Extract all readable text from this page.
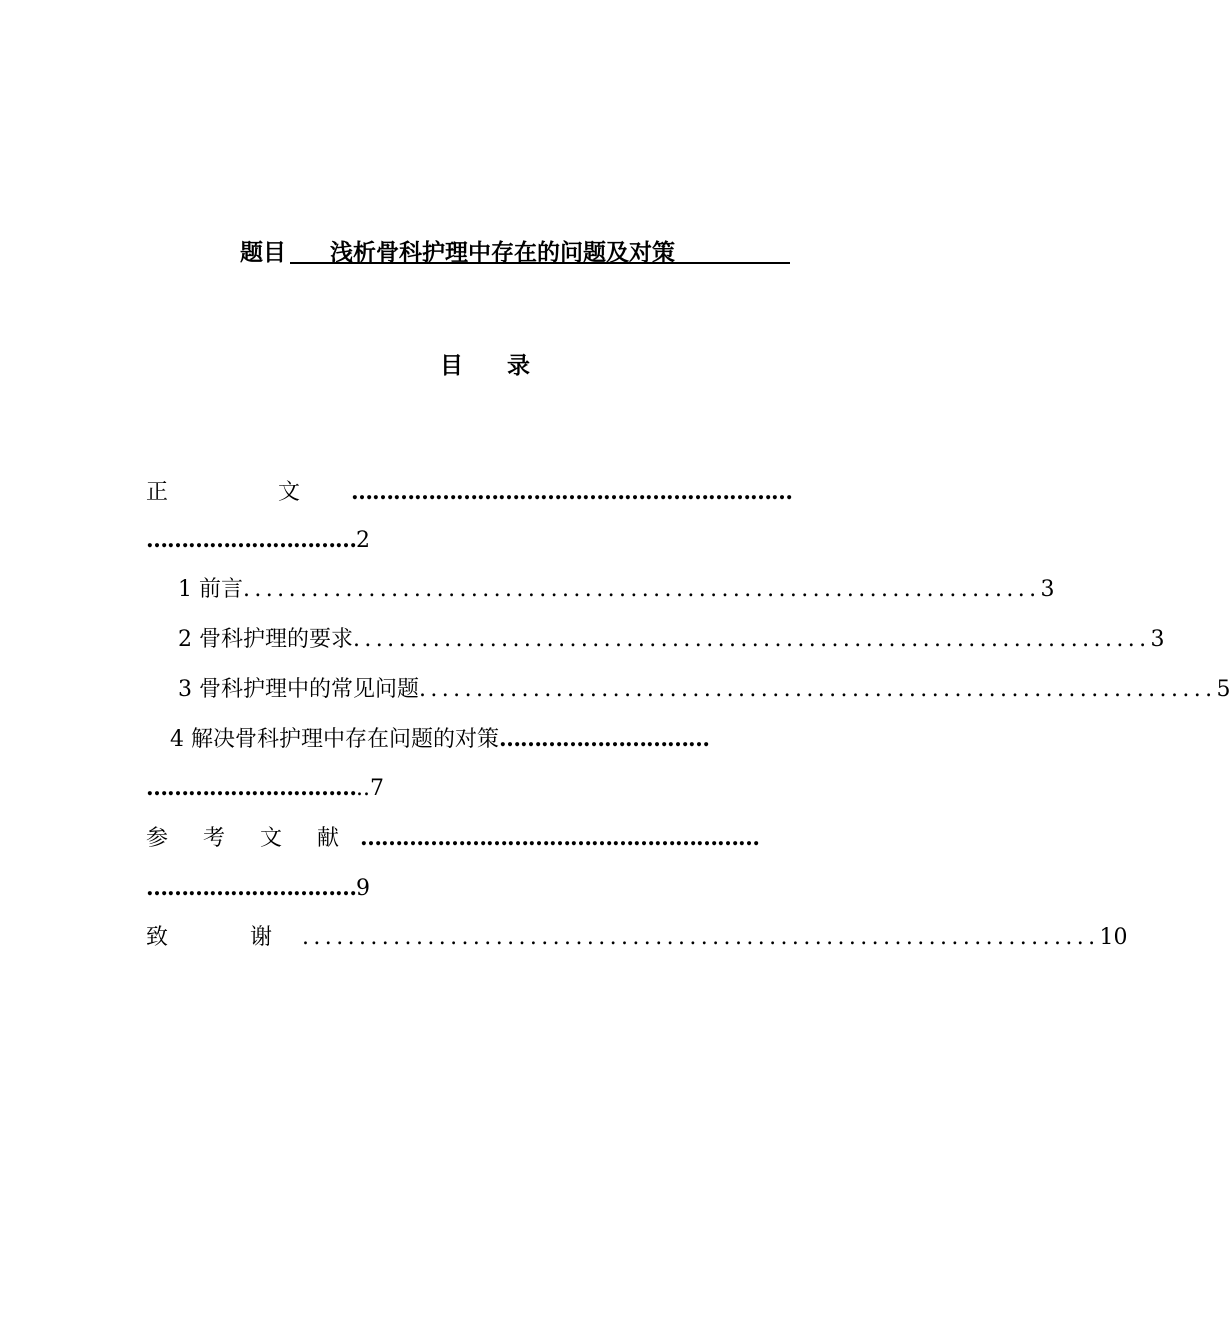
题目 浅析骨科护理中存在的问题及对策
目 录
正　文 ………………………………………………………
…………………………2
1 前言 ...................................................................... 3
2 骨科护理的要求 ...................................................................... 3
3 骨科护理中的常见问题 ...................................................................... 5
4 解决骨科护理中存在问题的对策…………………………
…………………………..7
参 考 文 献 …………………………………………………
…………………………9
致　谢 ...................................................................... 10
